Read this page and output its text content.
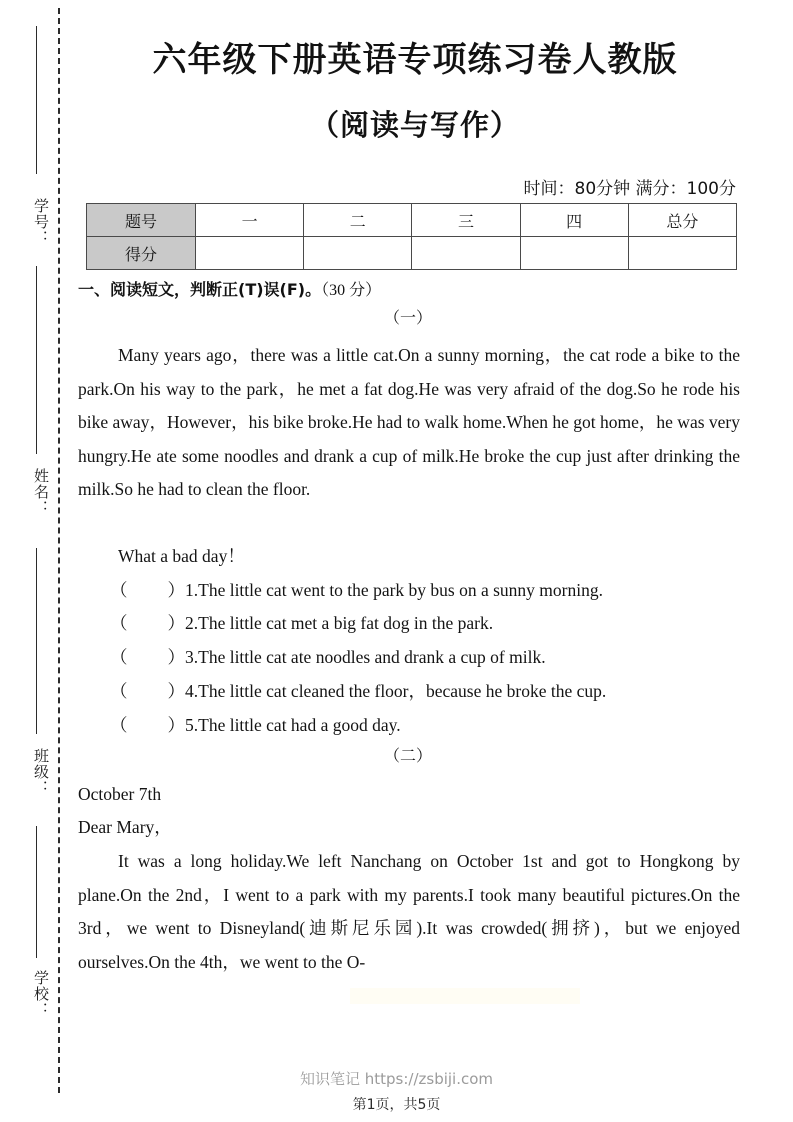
学号：
姓名：
班级：
学校：
六年级下册英语专项练习卷人教版
（阅读与写作）
时间：80分钟 满分：100分
题号	一	二	三	四	总分
得分					
一、阅读短文，判断正(T)误(F)。（30 分）
（一）
Many years ago，there was a little cat.On a sunny morning，the cat rode a bike to the park.On his way to the park，he met a fat dog.He was very afraid of the dog.So he rode his bike away，However，his bike broke.He had to walk home.When he got home，he was very hungry.He ate some noodles and drank a cup of milk.He broke the cup just after drinking the milk.So he had to clean the floor.
What a bad day！
（ ）1.The little cat went to the park by bus on a sunny morning.
（ ）2.The little cat met a big fat dog in the park.
（ ）3.The little cat ate noodles and drank a cup of milk.
（ ）4.The little cat cleaned the floor，because he broke the cup.
（ ）5.The little cat had a good day.
（二）
October 7th
Dear Mary，
It was a long holiday.We left Nanchang on October 1st and got to Hongkong by plane.On the 2nd，I went to a park with my parents.I took many beautiful pictures.On the 3rd，we went to Disneyland(迪斯尼乐园).It was crowded(拥挤)，but we enjoyed ourselves.On the 4th，we went to the O-
知识笔记 https://zsbiji.com
第1页，共5页
